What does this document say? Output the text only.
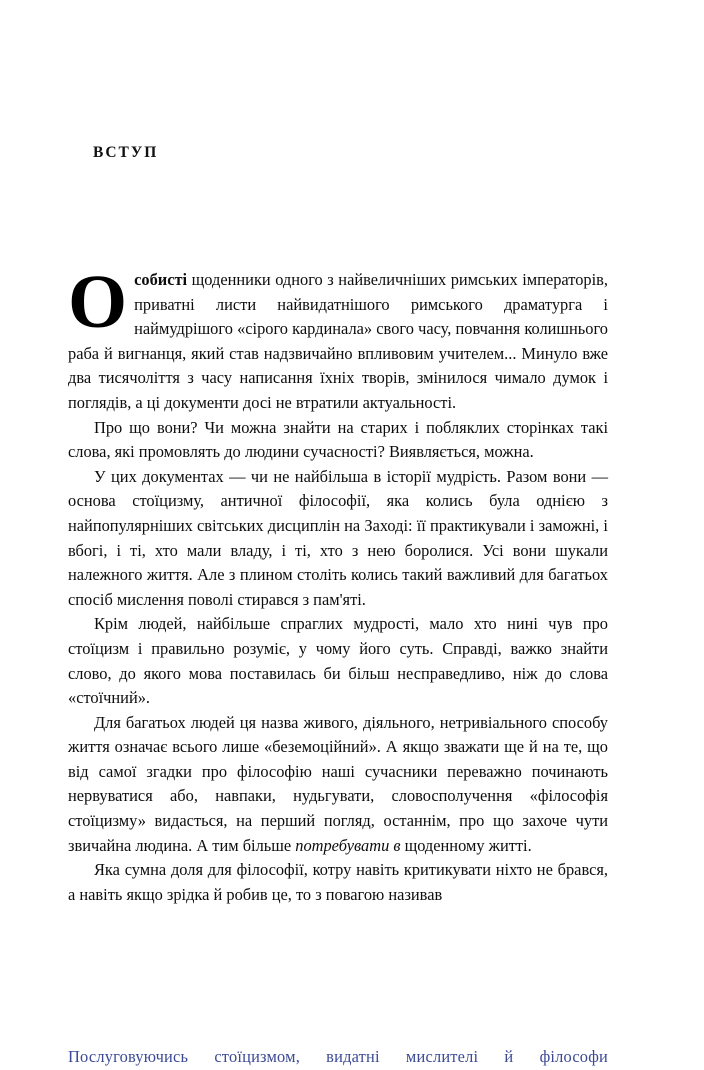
ВСТУП

Особисті щоденники одного з найвеличніших римських імператорів, приватні листи найвидатнішого римського драматурга і наймудрішого «сірого кардинала» свого часу, повчання колишнього раба й вигнанця, який став надзвичайно впливовим учителем... Минуло вже два тисячоліття з часу написання їхніх творів, змінилося чимало думок і поглядів, а ці документи досі не втратили актуальності.

Про що вони? Чи можна знайти на старих і побляклих сторінках такі слова, які промовлять до людини сучасності? Виявляється, можна.

У цих документах — чи не найбільша в історії мудрість. Разом вони — основа стоїцизму, античної філософії, яка колись була однією з найпопулярніших світських дисциплін на Заході: її практикували і заможні, і вбогі, і ті, хто мали владу, і ті, хто з нею боролися. Усі вони шукали належного життя. Але з плином століть колись такий важливий для багатьох спосіб мислення поволі стирався з пам'яті.

Крім людей, найбільше спраглих мудрості, мало хто нині чув про стоїцизм і правильно розуміє, у чому його суть. Справді, важко знайти слово, до якого мова поставилась би більш несправедливо, ніж до слова «стоїчний».

Для багатьох людей ця назва живого, діяльного, нетривіального способу життя означає всього лише «беземоційний». А якщо зважати ще й на те, що від самої згадки про філософію наші сучасники переважно починають нервуватися або, навпаки, нудьгувати, словосполучення «філософія стоїцизму» видасться, на перший погляд, останнім, про що захоче чути звичайна людина. А тим більше потребувати в щоденному житті.

Яка сумна доля для філософії, котру навіть критикувати ніхто не брався, а навіть якщо зрідка й робив це, то з повагою називав

Послуговуючись стоїцизмом, видатні мислителі й філософи
